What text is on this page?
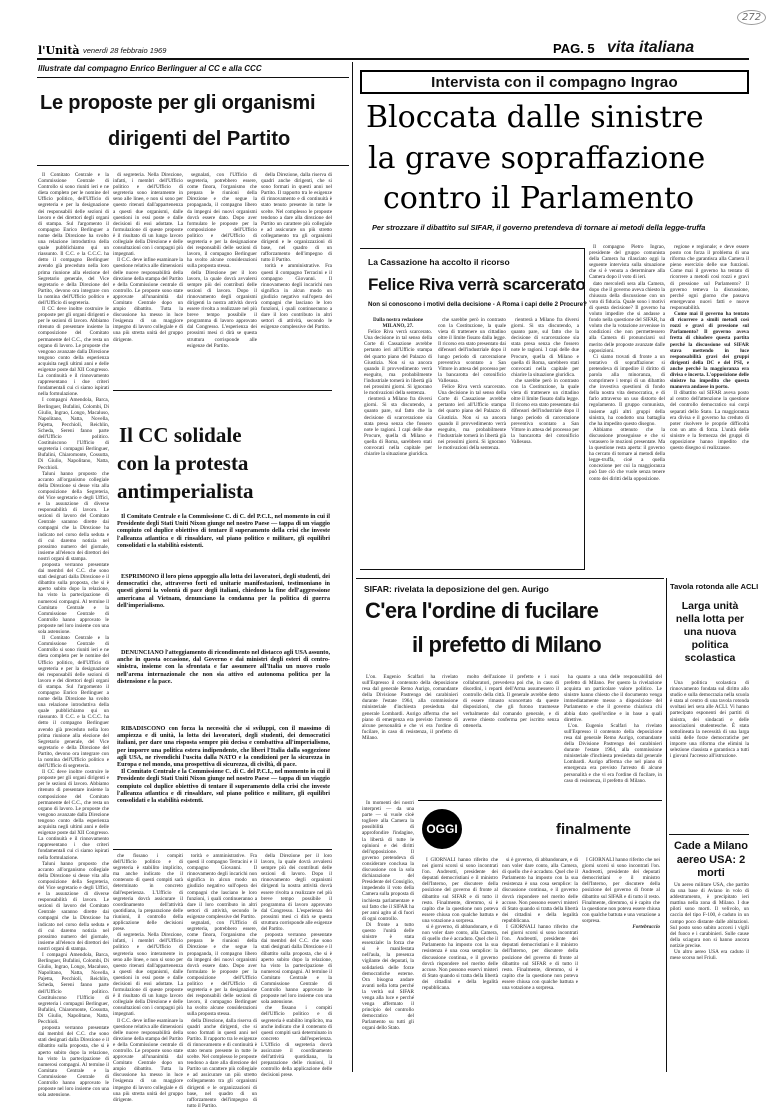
l'Unità venerdì 28 febbraio 1969	PAG. 5 vita italiana
272
Illustrate dal compagno Enrico Berlinguer al CC e alla CCC
Le proposte per gli organismi
dirigenti del Partito

Il Comitato Centrale e la Commissione Centrale di Controllo si sono riuniti ieri e ne dieta completo per le nomine del Ufficio politico, dell'Ufficio di segreteria e per la designazione dei responsabili delle sezioni di lavoro e dei direttori degli organi di stampa. Sul l'argomento il compagno Enrico Berlinguer a nome della Direzione ha svolto una relazione introduttiva della quale pubblichiamo qui un riassunto. Il C.C. e la C.C.C. ha detto il compagno Berlinguer avendo già preceduto nella loro prima riunione alla elezione del Segretario generale, del Vice segretario e della Direzione del Partito, devono ora integrare con la nomina dell'Ufficio politico e dell'Ufficio di segreteria.

Il CC deve inoltre costruire le proposte per gli organi dirigenti e per le sezioni di lavoro. Abbiamo ritenuto di presentare insieme la composizione del Comitato permanente del C.C., che resta un organo di lavoro. Le proposte che vengono avanzate dalla Direzione tengono conto della esperienza acquisita negli ultimi anni e delle esigenze poste dal XII Congresso. La continuità e il rinnovamento rappresentano i due criteri fondamentali cui ci siamo ispirati nella formulazione.

I compagni Amendola, Barca, Berlinguer, Bufalini, Colombi, Di Giulio, Ingrao, Longo, Macaluso, Napolitano, Natta, Novella, Pajetta, Pecchioli, Reichlin, Scheda, Sereni fanno parte dell'Ufficio politico. Costituiscono l'Ufficio di segreteria i compagni Berlinguer, Bufalini, Chiaromonte, Cossutta, Di Giulio, Napolitano, Natta, Pecchioli.

Taluni hanno proposto che accanto all'organismo collegiale della Direzione si desse vita alla composizione della Segreteria, del Vice segretario e degli Uffici, e la assunzione di diverse responsabilità di lavoro. Le sezioni di lavoro del Comitato Centrale saranno dirette dai compagni che la Direzione ha indicato nel corso della seduta e di cui daremo notizia nel prossimo numero del giornale, insieme all'elenco dei direttori dei nostri organi di stampa.

proposta verranno presentate dai membri del C.C. che sono stati designati dalla Direzione e il dibattito sulla proposta, che si è aperto subito dopo la relazione, ha visto la partecipazione di numerosi compagni. Al termine il Comitato Centrale e la Commissione Centrale di Controllo hanno approvato le proposte nel loro insieme con una sola astensione.

Il Comitato Centrale e la Commissione Centrale di Controllo si sono riuniti ieri e ne dieta completo per le nomine del Ufficio politico, dell'Ufficio di segreteria e per la designazione dei responsabili delle sezioni di lavoro e dei direttori degli organi di stampa. Sul l'argomento il compagno Enrico Berlinguer a nome della Direzione ha svolto una relazione introduttiva della quale pubblichiamo qui un riassunto. Il C.C. e la C.C.C. ha detto il compagno Berlinguer avendo già preceduto nella loro prima riunione alla elezione del Segretario generale, del Vice segretario e della Direzione del Partito, devono ora integrare con la nomina dell'Ufficio politico e dell'Ufficio di segreteria.

Il CC deve inoltre costruire le proposte per gli organi dirigenti e per le sezioni di lavoro. Abbiamo ritenuto di presentare insieme la composizione del Comitato permanente del C.C., che resta un organo di lavoro. Le proposte che vengono avanzate dalla Direzione tengono conto della esperienza acquisita negli ultimi anni e delle esigenze poste dal XII Congresso. La continuità e il rinnovamento rappresentano i due criteri fondamentali cui ci siamo ispirati nella formulazione.

Taluni hanno proposto che accanto all'organismo collegiale della Direzione si desse vita alla composizione della Segreteria, del Vice segretario e degli Uffici, e la assunzione di diverse responsabilità di lavoro. Le sezioni di lavoro del Comitato Centrale saranno dirette dai compagni che la Direzione ha indicato nel corso della seduta e di cui daremo notizia nel prossimo numero del giornale, insieme all'elenco dei direttori dei nostri organi di stampa.

I compagni Amendola, Barca, Berlinguer, Bufalini, Colombi, Di Giulio, Ingrao, Longo, Macaluso, Napolitano, Natta, Novella, Pajetta, Pecchioli, Reichlin, Scheda, Sereni fanno parte dell'Ufficio politico. Costituiscono l'Ufficio di segreteria i compagni Berlinguer, Bufalini, Chiaromonte, Cossutta, Di Giulio, Napolitano, Natta, Pecchioli.

proposta verranno presentate dai membri del C.C. che sono stati designati dalla Direzione e il dibattito sulla proposta, che si è aperto subito dopo la relazione, ha visto la partecipazione di numerosi compagni. Al termine il Comitato Centrale e la Commissione Centrale di Controllo hanno approvato le proposte nel loro insieme con una sola astensione.

di segreteria. Nella Direzione, infatti, i membri dell'Ufficio politico e dell'Ufficio di segreteria sono interamente in seno alle linee, e non si sono per questo ritenuti dall'appartenenza a questi due organismi, dalle questioni in essi poste e dalle decisioni di essi adottate. La formulazione di queste proposte è il risultato di un lungo lavoro collegiale della Direzione e delle consultazioni con i compagni più impegnati.

Il C.C. deve infine esaminare la questione relativa alle dimensioni delle nuove responsabilità della direzione della stampa del Partito e della Commissione centrale di controllo. Le proposte sono state approvate all'unanimità dal Comitato Centrale dopo un ampio dibattito. Tutta la discussione ha messo in luce l'esigenza di un maggiore impegno di lavoro collegiale e di una più stretta unità del gruppo dirigente.

segnalati, con l'Ufficio di segreteria, potrebbero essere, come finora, l'organismo che prepara le riunioni della Direzione e che segue la propaganda, il compagno libero da impegni dei nuovi organismi dovrà essere dato. Dopo aver formulato le proposte per la composizione dell'Ufficio politico e dell'Ufficio di segreteria e per la designazione dei responsabili delle sezioni di lavoro, il compagno Berlinguer ha svolto alcune considerazioni sulla proposta stessa.

della Direzione per il loro lavoro, la quale dovrà avvalersi sempre più dei contributi delle sezioni di lavoro. Dopo il rinnovamento degli organismi dirigenti la nostra attività dovrà essere rivolta a realizzare nel più breve tempo possibile il programma di lavoro approvato dal Congresso. L'esperienza dei prossimi mesi ci dirà se questa struttura corrisponde alle esigenze del Partito.

della Direzione, dalla riserva di quadri anche dirigenti, che si sono formati in questi anni nel Partito. Il rapporto tra le esigenze di rinnovamento e di continuità è stato tenuto presente in tutte le scelte. Nel complesso le proposte tendono a dare alla direzione del Partito un carattere più collegiale e ad assicurare un più stretto collegamento tra gli organismi dirigenti e le organizzazioni di base, nel quadro di un rafforzamento dell'impegno di tutto il Partito.

torità e amministrative. Fra questi il compagno Terracini e il compagno Giovanni. Il rinnovamento degli incarichi non significa in alcun modo un giudizio negativo sull'opera dei compagni che lasciano le loro funzioni, i quali continueranno a dare il loro contributo in altri settori di attività, secondo le esigenze complessive del Partito.

Il CC solidale
con la protesta
antimperialista

Il Comitato Centrale e la Commissione C. di C. del P.C.I., nel momento in cui il Presidente degli Stati Uniti Nixon giunge nel nostro Paese — tappa di un viaggio compiuto col duplice obiettivo di tentare il superamento della crisi che investe l'alleanza atlantica e di rinsaldare, sul piano politico e militare, gli equilibri consolidati e la stabilità esistenti.

ESPRIMONO il loro pieno appoggio alla lotta dei lavoratori, degli studenti, dei democratici che, attraverso forti ed unitarie manifestazioni, testimoniano in questi giorni la volontà di pace degli italiani, chiedono la fine dell'aggressione americana al Vietnam, denunciano la condanna per la politica di guerra dell'imperialismo.

DENUNCIANO l'atteggiamento di ricondimento nel distacco agli USA assunto, anche in questa occasione, dal Governo e dai ministri degli esteri di centro-sinistra, insieme con la sfrontata e far assumere all'Italia un nuovo ruolo nell'arena internazionale che non sia attivo ed autonoma politica per la distensione e la pace.

RIBADISCONO con forza la necessità che si sviluppi, con il massimo di ampiezza e di unità, la lotta dei lavoratori, degli studenti, dei democratici italiani, per dare una risposta sempre più decisa e combattiva all'imperialismo, per imporre una politica estera indipendente, che liberi l'Italia dalla soggezione agli USA, ne rivendichi l'uscita dalla NATO e la condizioni per la sicurezza in Europa e nel mondo, una prospettiva di sicurezza, di civiltà, di pace.

Il Comitato Centrale e la Commissione C. di C. del P.C.I., nel momento in cui il Presidente degli Stati Uniti Nixon giunge nel nostro Paese — tappa di un viaggio compiuto col duplice obiettivo di tentare il superamento della crisi che investe l'alleanza atlantica e di rinsaldare, sul piano politico e militare, gli equilibri consolidati e la stabilità esistenti.

che fissano i compiti dell'Ufficio politico e di segreteria è stabilito implicito, ma anche indicato che il contenuto di questi compiti sarà determinato in concreto dall'esperienza. L'Ufficio di segreteria dovrà assicurare il coordinamento dell'attività quotidiana, la preparazione delle riunioni, il controllo della applicazione delle decisioni prese.

di segreteria. Nella Direzione, infatti, i membri dell'Ufficio politico e dell'Ufficio di segreteria sono interamente in seno alle linee, e non si sono per questo ritenuti dall'appartenenza a questi due organismi, dalle questioni in essi poste e dalle decisioni di essi adottate. La formulazione di queste proposte è il risultato di un lungo lavoro collegiale della Direzione e delle consultazioni con i compagni più impegnati.

Il C.C. deve infine esaminare la questione relativa alle dimensioni delle nuove responsabilità della direzione della stampa del Partito e della Commissione centrale di controllo. Le proposte sono state approvate all'unanimità dal Comitato Centrale dopo un ampio dibattito. Tutta la discussione ha messo in luce l'esigenza di un maggiore impegno di lavoro collegiale e di una più stretta unità del gruppo dirigente.

torità e amministrative. Fra questi il compagno Terracini e il compagno Giovanni. Il rinnovamento degli incarichi non significa in alcun modo un giudizio negativo sull'opera dei compagni che lasciano le loro funzioni, i quali continueranno a dare il loro contributo in altri settori di attività, secondo le esigenze complessive del Partito.

segnalati, con l'Ufficio di segreteria, potrebbero essere, come finora, l'organismo che prepara le riunioni della Direzione e che segue la propaganda, il compagno libero da impegni dei nuovi organismi dovrà essere dato. Dopo aver formulato le proposte per la composizione dell'Ufficio politico e dell'Ufficio di segreteria e per la designazione dei responsabili delle sezioni di lavoro, il compagno Berlinguer ha svolto alcune considerazioni sulla proposta stessa.

della Direzione, dalla riserva di quadri anche dirigenti, che si sono formati in questi anni nel Partito. Il rapporto tra le esigenze di rinnovamento e di continuità è stato tenuto presente in tutte le scelte. Nel complesso le proposte tendono a dare alla direzione del Partito un carattere più collegiale e ad assicurare un più stretto collegamento tra gli organismi dirigenti e le organizzazioni di base, nel quadro di un rafforzamento dell'impegno di tutto il Partito.

della Direzione per il loro lavoro, la quale dovrà avvalersi sempre più dei contributi delle sezioni di lavoro. Dopo il rinnovamento degli organismi dirigenti la nostra attività dovrà essere rivolta a realizzare nel più breve tempo possibile il programma di lavoro approvato dal Congresso. L'esperienza dei prossimi mesi ci dirà se questa struttura corrisponde alle esigenze del Partito.

proposta verranno presentate dai membri del C.C. che sono stati designati dalla Direzione e il dibattito sulla proposta, che si è aperto subito dopo la relazione, ha visto la partecipazione di numerosi compagni. Al termine il Comitato Centrale e la Commissione Centrale di Controllo hanno approvato le proposte nel loro insieme con una sola astensione.

che fissano i compiti dell'Ufficio politico e di segreteria è stabilito implicito, ma anche indicato che il contenuto di questi compiti sarà determinato in concreto dall'esperienza. L'Ufficio di segreteria dovrà assicurare il coordinamento dell'attività quotidiana, la preparazione delle riunioni, il controllo della applicazione delle decisioni prese.

Intervista con il compagno Ingrao
Bloccata dalle sinistre
la grave sopraffazione
contro il Parlamento
Per strozzare il dibattito sul SIFAR, il governo pretendeva di tornare ai metodi della legge-truffa
La Cassazione ha accolto il ricorso
Felice Riva verrà scarcerato
Non si conoscono i motivi della decisione - A Roma i capi delle 2 Procure?

Dalla nostra redazione MILANO, 27.

Felice Riva verrà scarcerato. Una decisione in tal senso della Corte di Cassazione avrebbe pertanto ieri all'Ufficio stampa del quarto piano del Palazzo di Giustizia. Non si sa ancora quando il provvedimento verrà eseguito, ma probabilmente l'industriale tornerà in libertà già nei prossimi giorni. Si ignorano le motivazioni della sentenza.

rientrerà a Milano fra diversi giorni. Si sta discutendo, a quanto pare, sul fatto che la decisione di scarcerazione sia stata presa senza che fossero note le ragioni. I capi delle due Procure, quella di Milano e quella di Roma, sarebbero stati convocati nella capitale per chiarire la situazione giuridica.

che sarebbe però in contrasto con la Costituzione, la quale vieta di trattenere un cittadino oltre il limite fissato dalla legge. Il ricorso era stato presentato dai difensori dell'industriale dopo il lungo periodo di carcerazione preventiva scontato a San Vittore in attesa del processo per la bancarotta del cotonificio Vallesusa.

Felice Riva verrà scarcerato. Una decisione in tal senso della Corte di Cassazione avrebbe pertanto ieri all'Ufficio stampa del quarto piano del Palazzo di Giustizia. Non si sa ancora quando il provvedimento verrà eseguito, ma probabilmente l'industriale tornerà in libertà già nei prossimi giorni. Si ignorano le motivazioni della sentenza.

rientrerà a Milano fra diversi giorni. Si sta discutendo, a quanto pare, sul fatto che la decisione di scarcerazione sia stata presa senza che fossero note le ragioni. I capi delle due Procure, quella di Milano e quella di Roma, sarebbero stati convocati nella capitale per chiarire la situazione giuridica.

che sarebbe però in contrasto con la Costituzione, la quale vieta di trattenere un cittadino oltre il limite fissato dalla legge. Il ricorso era stato presentato dai difensori dell'industriale dopo il lungo periodo di carcerazione preventiva scontato a San Vittore in attesa del processo per la bancarotta del cotonificio Vallesusa.

Il compagno Pietro Ingrao, presidente del gruppo comunista della Camera ha rilasciato oggi la seguente intervista sulla situazione che si è venuta a determinare alla Camera dopo il voto di ieri.

dato mercoledì sera alla Camera, dopo che il governo aveva chiesto la chiusura della discussione con un voto di fiducia. Quale sono i motivi di questa decisione? Il governo ha voluto impedire che si andasse a fondo nella questione del SIFAR, ha voluto che la votazione avvenisse in condizioni che non permettessero alla Camera di pronunciarsi sul merito delle proposte avanzate dalle opposizioni.

Ci siamo trovati di fronte a un tentativo di sopraffazione: si pretendeva di impedire il diritto di parola alla minoranza, di comprimere i tempi di un dibattito che investiva questioni di fondo della nostra vita democratica, e di farlo attraverso un uso distorto del regolamento. Il gruppo comunista, insieme agli altri gruppi della sinistra, ha condotto una battaglia che ha impedito questo disegno.

Abbiamo ottenuto che la discussione proseguisse e che si votassero le mozioni presentate. Ma la questione resta aperta: il governo ha cercato di tornare ai metodi della legge-truffa, cioè a quella concezione per cui la maggioranza può fare ciò che vuole senza tenere conto dei diritti della opposizione.

regione e regionale; e deve essere posto con forza il problema di una riforma che garantisca alla Camera il pieno esercizio delle sue funzioni. Come mai il governo ha tentato di ricorrere a metodi così rozzi e gravi di pressione sul Parlamento? Il governo temeva la discussione, perché ogni giorno che passava emergevano nuovi fatti e nuove responsabilità.

Come mai il governo ha tentato di ricorrere a simili metodi così rozzi e gravi di pressione sul Parlamento? Il governo aveva fretta di chiudere questa partita perché la discussione sul SIFAR stava mettendo in luce responsabilità gravi dei gruppi dirigenti della DC e del PSI, e anche perché la maggioranza era divisa e incerta. L'opposizione delle sinistre ha impedito che questa manovra andasse in porto.

Il dibattito sul SIFAR aveva posto al centro dell'attenzione la questione del controllo democratico sui corpi separati dello Stato. La maggioranza era divisa e il governo ha creduto di poter risolvere le proprie difficoltà con un atto di forza. L'unità delle sinistre e la fermezza dei gruppi di opposizione hanno impedito che questo disegno si realizzasse.

SIFAR: rivelata la deposizione del gen. Aurigo
C'era l'ordine di fucilare
il prefetto di Milano

L'on. Eugenio Scalfari ha rivelato sull'Espresso il contenuto della deposizione resa dal generale Remo Aurigo, comandante della Divisione Pastrengo dei carabinieri durante l'estate 1964, alla commissione ministeriale d'inchiesta presieduta dal generale Lombardi. Aurigo afferma che nel piano di emergenza era previsto l'arresto di alcune personalità e che vi era l'ordine di fucilare, in caso di resistenza, il prefetto di Milano.

molto dell'azione il prefetto e i suoi collaboratori, prevedeva poi che, in caso di disordini, i reparti dell'Arma assumessero il controllo della città. Il generale avrebbe detto di essere rimasto sconcertato da queste disposizioni, che gli furono trasmesse verbalmente dal comando generale, e di averne chiesto conferma per iscritto senza ottenerla.

ha quanto a una delle responsabilità del prefetto di Milano. Per questo la rivelazione acquista un particolare valore politico. Le sinistre hanno chiesto che il documento venga immediatamente messo a disposizione del Parlamento e che il governo chiarisca chi abbia dato quell'ordine e in base a quali direttive.

L'on. Eugenio Scalfari ha rivelato sull'Espresso il contenuto della deposizione resa dal generale Remo Aurigo, comandante della Divisione Pastrengo dei carabinieri durante l'estate 1964, alla commissione ministeriale d'inchiesta presieduta dal generale Lombardi. Aurigo afferma che nel piano di emergenza era previsto l'arresto di alcune personalità e che vi era l'ordine di fucilare, in caso di resistenza, il prefetto di Milano.

In momenti dei nostri interpreti — da una parte — si vuole cioè togliere alla Camera la possibilità di approfondire l'indagine, la libertà di tutte le opinioni e dei diritti dell'opposizione. Il governo pretendeva di considerare conclusa la discussione con la sola dichiarazione del Presidente del Consiglio, impedendo il voto della Camera sulla proposta di inchiesta parlamentare e sul fatto che il SIFAR ha per anni agito al di fuori di ogni controllo.

Di fronte a tutto questo l'unità delle sinistre è stata essenziale: la forza che si è manifestata nell'aula, la presenza vigilante dei deputati, la solidarietà delle forze democratiche esterne. Ora bisogna andare avanti nella lotta perché la verità sul SIFAR venga alla luce e perché venga affermato il principio del controllo democratico del Parlamento su tutti gli organi dello Stato.

OGGI	finalmente

I GIORNALI hanno riferito che nei giorni scorsi si sono incontrati l'on. Andreotti, presidente dei deputati democristiani e il ministro dell'Interno, per discutere della posizione del governo di fronte al dibattito sul SIFAR e di tutto il resto. Finalmente, diremmo, si è capito che la questione non poteva essere chiusa con qualche battuta e una votazione a sorpresa.

si è governo, di abbandonare, e di non voler dare conto, alla Camera, di quello che è accaduto. Quel che il Parlamento ha imposto con la sua resistenza è una cosa semplice: la discussione continua, e il governo dovrà rispondere nel merito delle accuse. Non possono esservi misteri di Stato quando si tratta della libertà dei cittadini e della legalità repubblicana.

si è governo, di abbandonare, e di non voler dare conto, alla Camera, di quello che è accaduto. Quel che il Parlamento ha imposto con la sua resistenza è una cosa semplice: la discussione continua, e il governo dovrà rispondere nel merito delle accuse. Non possono esservi misteri di Stato quando si tratta della libertà dei cittadini e della legalità repubblicana.

I GIORNALI hanno riferito che nei giorni scorsi si sono incontrati l'on. Andreotti, presidente dei deputati democristiani e il ministro dell'Interno, per discutere della posizione del governo di fronte al dibattito sul SIFAR e di tutto il resto. Finalmente, diremmo, si è capito che la questione non poteva essere chiusa con qualche battuta e una votazione a sorpresa.

I GIORNALI hanno riferito che nei giorni scorsi si sono incontrati l'on. Andreotti, presidente dei deputati democristiani e il ministro dell'Interno, per discutere della posizione del governo di fronte al dibattito sul SIFAR e di tutto il resto. Finalmente, diremmo, si è capito che la questione non poteva essere chiusa con qualche battuta e una votazione a sorpresa.

Fortebraccio

Tavola rotonda alle ACLI
Larga unità nella lotta per una nuova politica scolastica

Una politica scolastica di rinnovamento fondata sul diritto allo studio e sulla democrazia nella scuola è stata al centro di una tavola rotonda svoltasi ieri sera alle ACLI. Vi hanno partecipato esponenti dei partiti di sinistra, dei sindacati e delle associazioni studentesche. È stata sottolineata la necessità di una larga unità delle forze democratiche per imporre una riforma che elimini la selezione classista e garantisca a tutti i giovani l'accesso all'istruzione.

Cade a Milano aereo USA: 2 morti

Un aereo militare USA, che partito da una base di Aviano in volo di addestramento, è precipitato ieri mattina nella zona di Milano. I due piloti sono morti. Il velivolo, un caccia del tipo F-100, è caduto in un campo poco distante dalle abitazioni. Sul posto sono subito accorsi i vigili del fuoco e i carabinieri. Sulle cause della sciagura non si hanno ancora notizie precise.

Un altro aereo USA era caduto il mese scorso nel Friuli.
